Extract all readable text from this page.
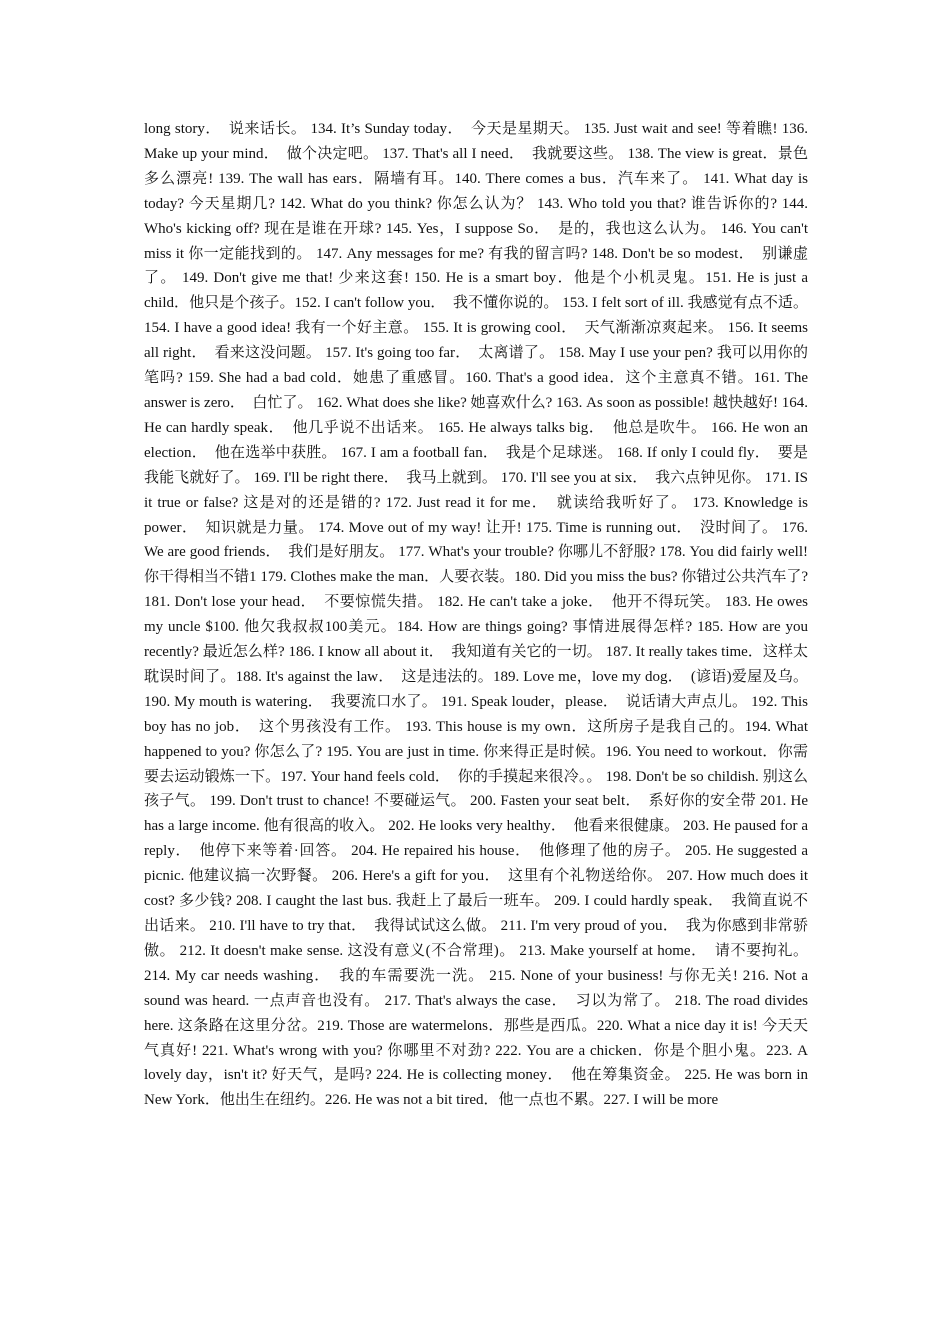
long story．　说来话长。 134. It’s Sunday today．　今天是星期天。 135. Just wait and see! 等着瞧! 136. Make up your mind．　做个决定吧。 137. That's all I need．　我就要这些。 138. The view is great．景色多么漂亮! 139. The wall has ears．隔墙有耳。140. There comes a bus．汽车来了。 141. What day is today? 今天星期几? 142. What do you think? 你怎么认为？ 143. Who told you that? 谁告诉你的? 144. Who's kicking off? 现在是谁在开球? 145. Yes，I suppose So．　是的，我也这么认为。 146. You can't miss it 你一定能找到的。 147. Any messages for me? 有我的留言吗? 148. Don't be so modest．　别谦虚了。 149. Don't give me that! 少来这套! 150. He is a smart boy．他是个小机灵鬼。151. He is just a child．他只是个孩子。152. I can't follow you．　我不懂你说的。 153. I felt sort of ill. 我感觉有点不适。 154. I have a good idea! 我有一个好主意。 155. It is growing cool．　天气渐渐凉爽起来。 156. It seems all right．　看来这没问题。 157. It's going too far．　太离谱了。 158. May I use your pen? 我可以用你的笔吗? 159. She had a bad cold．她患了重感冒。160. That's a good idea．这个主意真不错。161. The answer is zero．　白忙了。 162. What does she like? 她喜欢什么? 163. As soon as possible! 越快越好! 164. He can hardly speak．　他几乎说不出话来。 165. He always talks big．　他总是吹牛。 166. He won an election．　他在选举中获胜。 167. I am a football fan．　我是个足球迷。 168. If only I could fly．　要是我能飞就好了。 169. I'll be right there．　我马上就到。 170. I'll see you at six．　我六点钟见你。 171. IS it true or false? 这是对的还是错的? 172. Just read it for me．　就读给我听好了。 173. Knowledge is power．　知识就是力量。 174. Move out of my way! 让开! 175. Time is running out．　没时间了。 176. We are good friends．　我们是好朋友。 177. What's your trouble? 你哪儿不舒服? 178. You did fairly well! 你干得相当不错1 179. Clothes make the man．人要衣装。180. Did you miss the bus? 你错过公共汽车了? 181. Don't lose your head．　不要惊慌失措。 182. He can't take a joke．　他开不得玩笑。 183. He owes my uncle $100. 他欠我叔叔100美元。184. How are things going? 事情进展得怎样? 185. How are you recently? 最近怎么样? 186. I know all about it．　我知道有关它的一切。 187. It really takes time．这样太耽误时间了。188. It's against the law．　这是违法的。189. Love me，love my dog．　(谚语)爱屋及乌。 190. My mouth is watering．　我要流口水了。 191. Speak louder，please．　说话请大声点儿。 192. This boy has no job．　这个男孩没有工作。 193. This house is my own．这所房子是我自己的。194. What happened to you? 你怎么了? 195. You are just in time. 你来得正是时候。196. You need to workout．你需要去运动锻炼一下。197. Your hand feels cold．　你的手摸起来很冷。。 198. Don't be so childish. 别这么孩子气。 199. Don't trust to chance! 不要碰运气。 200. Fasten your seat belt．　系好你的安全带 201. He has a large income. 他有很高的收入。 202. He looks very healthy．　他看来很健康。 203. He paused for a reply．　他停下来等着·回答。 204. He repaired his house．　他修理了他的房子。 205. He suggested a picnic. 他建议搞一次野餐。 206. Here's a gift for you．　这里有个礼物送给你。 207. How much does it cost? 多少钱? 208. I caught the last bus. 我赶上了最后一班车。 209. I could hardly speak．　我简直说不出话来。 210. I'll have to try that．　我得试试这么做。 211. I'm very proud of you．　我为你感到非常骄傲。 212. It doesn't make sense. 这没有意义(不合常理)。 213. Make yourself at home．　请不要拘礼。 214. My car needs washing．　我的车需要洗一洗。 215. None of your business! 与你无关! 216. Not a sound was heard. 一点声音也没有。 217. That's always the case．　习以为常了。 218. The road divides here. 这条路在这里分岔。219. Those are watermelons．那些是西瓜。220. What a nice day it is! 今天天气真好! 221. What's wrong with you? 你哪里不对劲? 222. You are a chicken．你是个胆小鬼。223. A lovely day，isn't it? 好天气，是吗? 224. He is collecting money．　他在筹集资金。 225. He was born in New York．他出生在纽约。226. He was not a bit tired．他一点也不累。227. I will be more
